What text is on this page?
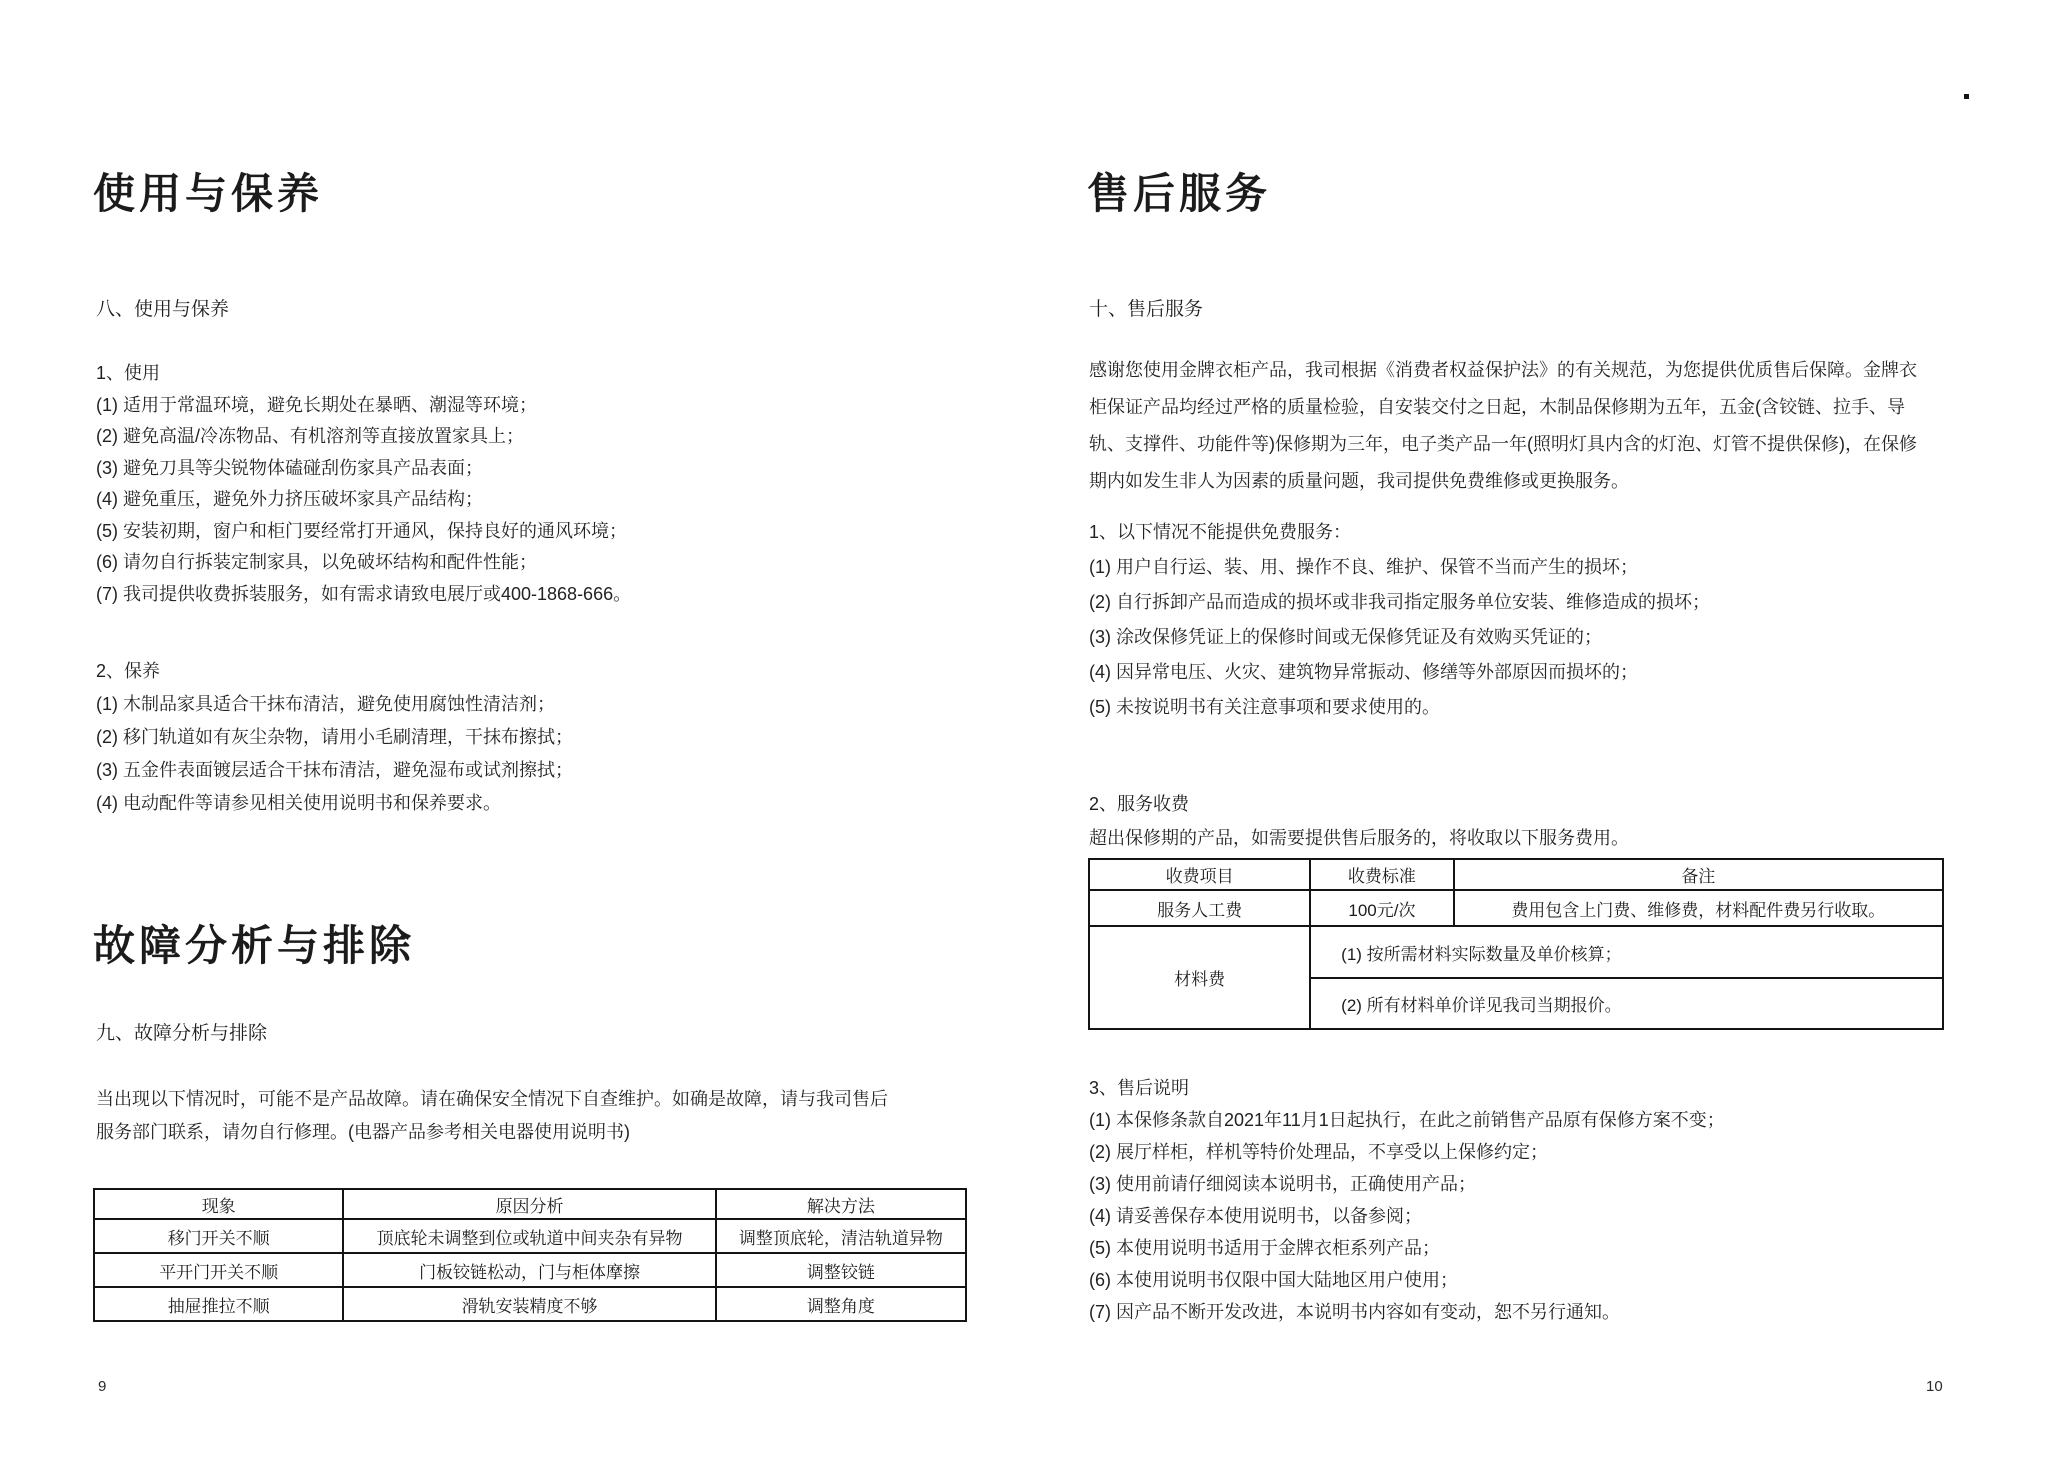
使用与保养
八、使用与保养
1、使用
(1) 适用于常温环境，避免长期处在暴晒、潮湿等环境；
(2) 避免高温/冷冻物品、有机溶剂等直接放置家具上；
(3) 避免刀具等尖锐物体磕碰刮伤家具产品表面；
(4) 避免重压，避免外力挤压破坏家具产品结构；
(5) 安装初期，窗户和柜门要经常打开通风，保持良好的通风环境；
(6) 请勿自行拆装定制家具，以免破坏结构和配件性能；
(7) 我司提供收费拆装服务，如有需求请致电展厅或400-1868-666。
2、保养
(1) 木制品家具适合干抹布清洁，避免使用腐蚀性清洁剂；
(2) 移门轨道如有灰尘杂物，请用小毛刷清理，干抹布擦拭；
(3) 五金件表面镀层适合干抹布清洁，避免湿布或试剂擦拭；
(4) 电动配件等请参见相关使用说明书和保养要求。
故障分析与排除
九、故障分析与排除
当出现以下情况时，可能不是产品故障。请在确保安全情况下自查维护。如确是故障，请与我司售后
服务部门联系，请勿自行修理。(电器产品参考相关电器使用说明书)
现象	原因分析	解决方法
移门开关不顺	顶底轮未调整到位或轨道中间夹杂有异物	调整顶底轮，清洁轨道异物
平开门开关不顺	门板铰链松动，门与柜体摩擦	调整铰链
抽屉推拉不顺	滑轨安装精度不够	调整角度
9
售后服务
十、售后服务
感谢您使用金牌衣柜产品，我司根据《消费者权益保护法》的有关规范，为您提供优质售后保障。金牌衣
柜保证产品均经过严格的质量检验，自安装交付之日起，木制品保修期为五年，五金(含铰链、拉手、导
轨、支撑件、功能件等)保修期为三年，电子类产品一年(照明灯具内含的灯泡、灯管不提供保修)，在保修
期内如发生非人为因素的质量问题，我司提供免费维修或更换服务。
1、以下情况不能提供免费服务：
(1) 用户自行运、装、用、操作不良、维护、保管不当而产生的损坏；
(2) 自行拆卸产品而造成的损坏或非我司指定服务单位安装、维修造成的损坏；
(3) 涂改保修凭证上的保修时间或无保修凭证及有效购买凭证的；
(4) 因异常电压、火灾、建筑物异常振动、修缮等外部原因而损坏的；
(5) 未按说明书有关注意事项和要求使用的。
2、服务收费
超出保修期的产品，如需要提供售后服务的，将收取以下服务费用。
收费项目	收费标准	备注
服务人工费	100元/次	费用包含上门费、维修费，材料配件费另行收取。
材料费	(1) 按所需材料实际数量及单价核算；	
	(2) 所有材料单价详见我司当期报价。	
3、售后说明
(1) 本保修条款自2021年11月1日起执行，在此之前销售产品原有保修方案不变；
(2) 展厅样柜，样机等特价处理品，不享受以上保修约定；
(3) 使用前请仔细阅读本说明书，正确使用产品；
(4) 请妥善保存本使用说明书，以备参阅；
(5) 本使用说明书适用于金牌衣柜系列产品；
(6) 本使用说明书仅限中国大陆地区用户使用；
(7) 因产品不断开发改进，本说明书内容如有变动，恕不另行通知。
10
